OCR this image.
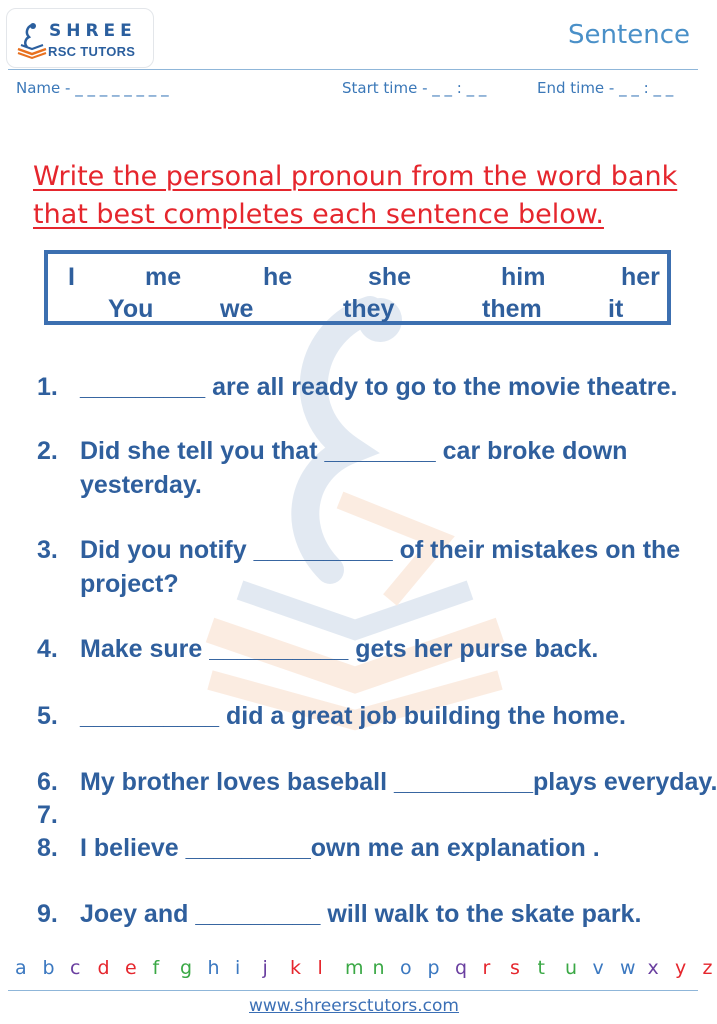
SHREE
RSC TUTORS
Sentence
Name - _ _ _ _ _ _ _ _	Start time - _ _ : _ _	End time - _ _ : _ _
Write the personal pronoun from the word bank
that best completes each sentence below.
I	me	he	she	him	her
You	we	they	them	it
1. _________ are all ready to go to the movie theatre.
2. Did she tell you that ________ car broke down
yesterday.
3. Did you notify __________ of their mistakes on the
project?
4. Make sure __________ gets her purse back.
5. __________ did a great job building the home.
6. My brother loves baseball __________plays everyday.
7.
8. I believe _________own me an explanation .
9. Joey and _________ will walk to the skate park.
a b c d e f g h i j k l m n o p q r s t u v w x y z
www.shreersctutors.com
